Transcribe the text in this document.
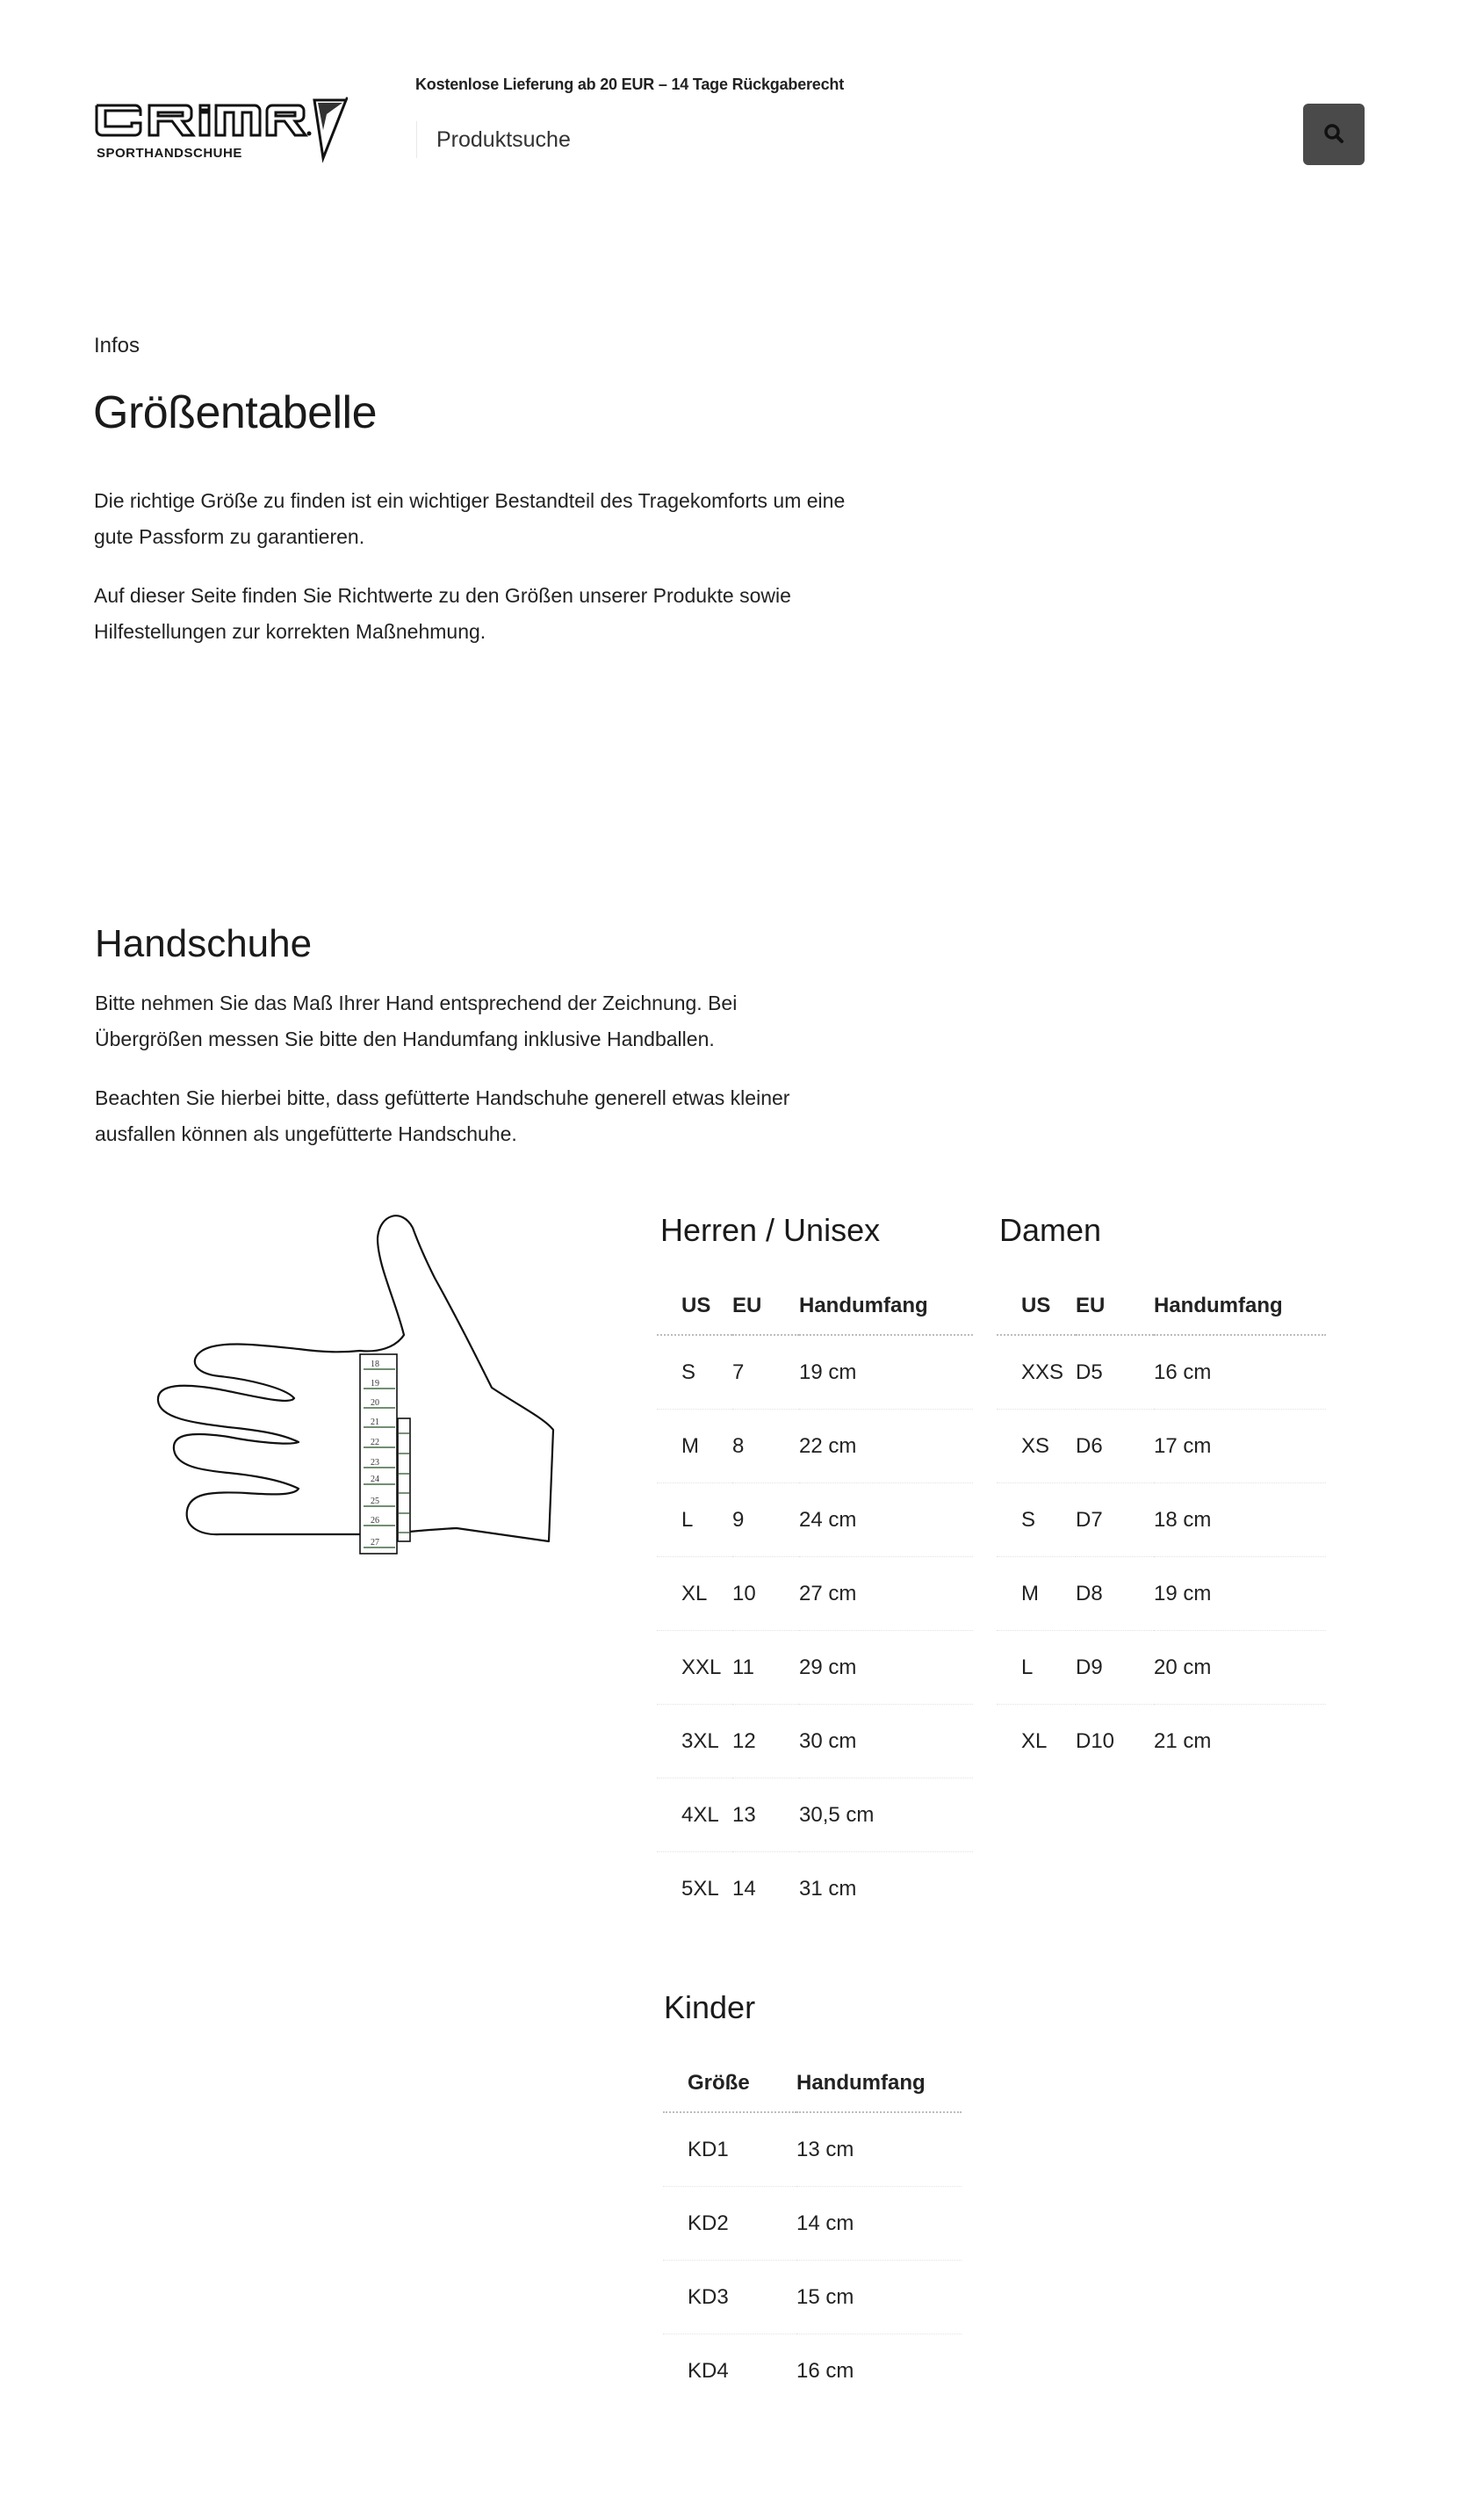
SPORTHANDSCHUHE
Kostenlose Lieferung ab 20 EUR – 14 Tage Rückgaberecht
Produktsuche
Infos
Größentabelle

Die richtige Größe zu finden ist ein wichtiger Bestandteil des Tragekomforts um eine gute Passform zu garantieren.

Auf dieser Seite finden Sie Richtwerte zu den Größen unserer Produkte sowie Hilfestellungen zur korrekten Maßnehmung.

Handschuhe

Bitte nehmen Sie das Maß Ihrer Hand entsprechend der Zeichnung. Bei Übergrößen messen Sie bitte den Handumfang inklusive Handballen.

Beachten Sie hierbei bitte, dass gefütterte Handschuhe generell etwas kleiner ausfallen können als ungefütterte Handschuhe.

18
19
20
21
22
23
24
25
26
27
Herren / Unisex
US	EU	Handumfang
S	7	19 cm
M	8	22 cm
L	9	24 cm
XL	10	27 cm
XXL	11	29 cm
3XL	12	30 cm
4XL	13	30,5 cm
5XL	14	31 cm
Damen
US	EU	Handumfang
XXS	D5	16 cm
XS	D6	17 cm
S	D7	18 cm
M	D8	19 cm
L	D9	20 cm
XL	D10	21 cm
Kinder
Größe	Handumfang
KD1	13 cm
KD2	14 cm
KD3	15 cm
KD4	16 cm
